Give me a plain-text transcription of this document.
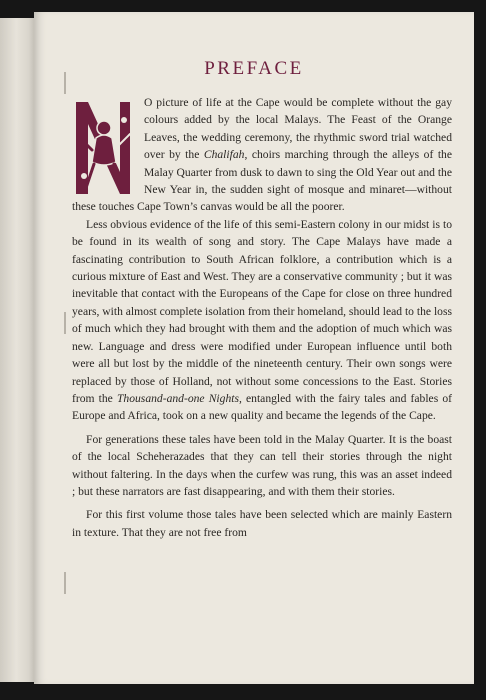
PREFACE

O picture of life at the Cape would be complete without the gay colours added by the local Malays. The Feast of the Orange Leaves, the wedding ceremony, the rhythmic sword trial watched over by the Chalifah, choirs marching through the alleys of the Malay Quarter from dusk to dawn to sing the Old Year out and the New Year in, the sudden sight of mosque and minaret—without these touches Cape Town’s canvas would be all the poorer.

Less obvious evidence of the life of this semi-Eastern colony in our midst is to be found in its wealth of song and story. The Cape Malays have made a fascinating contribution to South African folklore, a contribution which is a curious mixture of East and West. They are a conservative community ; but it was inevitable that contact with the Europeans of the Cape for close on three hundred years, with almost complete isolation from their homeland, should lead to the loss of much which they had brought with them and the adoption of much which was new. Language and dress were modified under European influence until both were all but lost by the middle of the nineteenth century. Their own songs were replaced by those of Holland, not without some concessions to the East. Stories from the Thousand-and-one Nights, entangled with the fairy tales and fables of Europe and Africa, took on a new quality and became the legends of the Cape.

For generations these tales have been told in the Malay Quarter. It is the boast of the local Scheherazades that they can tell their stories through the night without faltering. In the days when the curfew was rung, this was an asset indeed ; but these narrators are fast disappearing, and with them their stories.

For this first volume those tales have been selected which are mainly Eastern in texture. That they are not free from
